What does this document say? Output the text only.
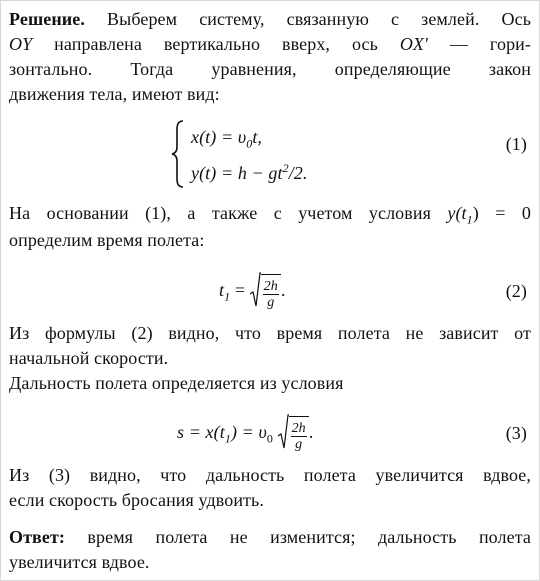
Решение. Выберем систему, связанную с землей. Ось
OY направлена вертикально вверх, ось OX' — гори-
зонтально. Тогда уравнения, определяющие закон
движения тела, имеют вид:
$x(t) = \upsilon_0t$,
$y(t) = h - gt^2/2$.
(1)
На основании (1), а также с учетом условия $y(t_1) = 0$
определим время полета:
$t_1 = \frac{2h}{g}$ .	(2)
Из формулы (2) видно, что время полета не зависит от
начальной скорости.
Дальность полета определяется из условия
$s = x(t_1) = \upsilon_0 \frac{2h}{g}$ .	(3)
Из (3) видно, что дальность полета увеличится вдвое,
если скорость бросания удвоить.
Ответ: время полета не изменится; дальность полета
увеличится вдвое.
